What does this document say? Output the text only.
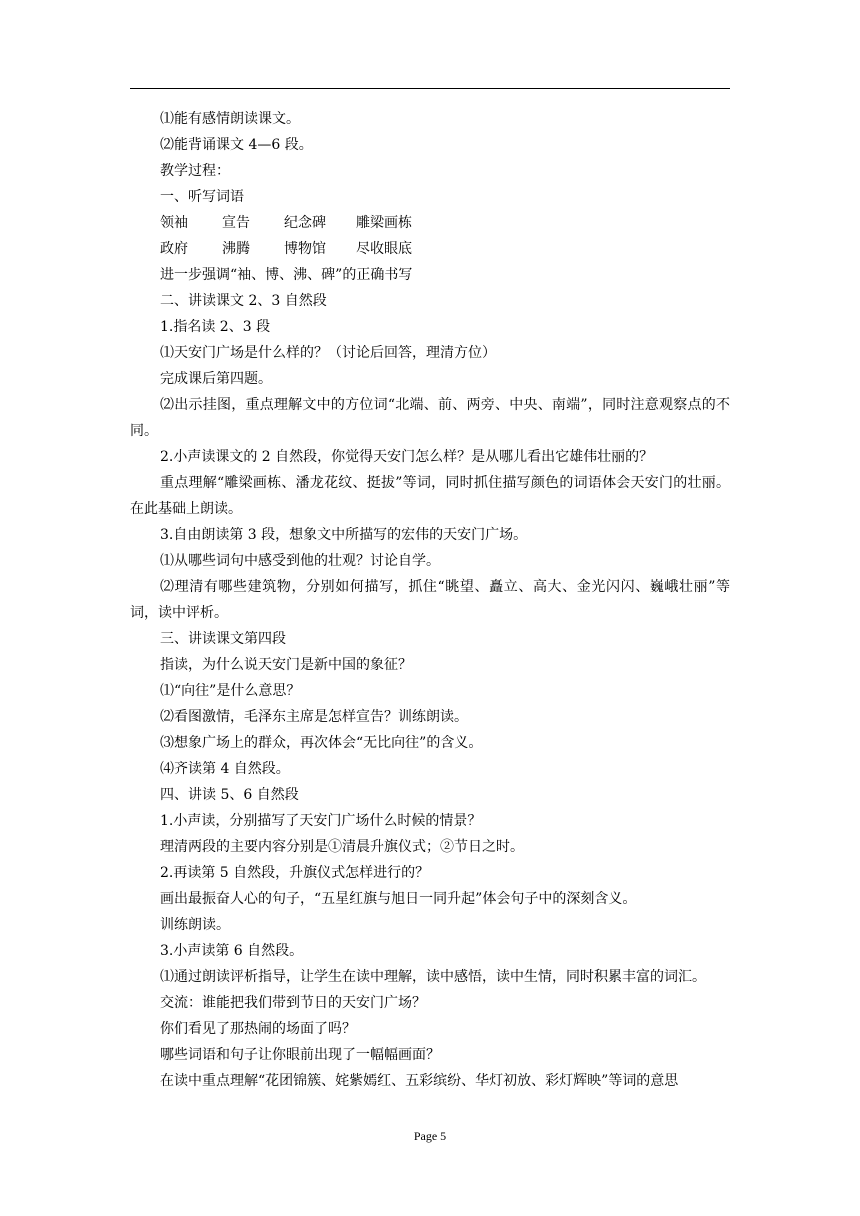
⑴能有感情朗读课文。
⑵能背诵课文 4—6 段。
教学过程：
一、听写词语
领袖	宣告	纪念碑	雕梁画栋
政府	沸腾	博物馆	尽收眼底
进一步强调“袖、博、沸、碑”的正确书写
二、讲读课文 2、3 自然段
1.指名读 2、3 段
⑴天安门广场是什么样的？（讨论后回答，理清方位）
完成课后第四题。
⑵出示挂图，重点理解文中的方位词“北端、前、两旁、中央、南端”，同时注意观察点的不同。
2.小声读课文的 2 自然段，你觉得天安门怎么样？是从哪儿看出它雄伟壮丽的？
重点理解“雕梁画栋、潘龙花纹、挺拔”等词，同时抓住描写颜色的词语体会天安门的壮丽。在此基础上朗读。
3.自由朗读第 3 段，想象文中所描写的宏伟的天安门广场。
⑴从哪些词句中感受到他的壮观？讨论自学。
⑵理清有哪些建筑物，分别如何描写，抓住“眺望、矗立、高大、金光闪闪、巍峨壮丽”等词，读中评析。
三、讲读课文第四段
指读，为什么说天安门是新中国的象征？
⑴“向往”是什么意思？
⑵看图激情，毛泽东主席是怎样宣告？训练朗读。
⑶想象广场上的群众，再次体会“无比向往”的含义。
⑷齐读第 4 自然段。
四、讲读 5、6 自然段
1.小声读，分别描写了天安门广场什么时候的情景？
理清两段的主要内容分别是①清晨升旗仪式；②节日之时。
2.再读第 5 自然段，升旗仪式怎样进行的？
画出最振奋人心的句子，“五星红旗与旭日一同升起”体会句子中的深刻含义。
训练朗读。
3.小声读第 6 自然段。
⑴通过朗读评析指导，让学生在读中理解，读中感悟，读中生情，同时积累丰富的词汇。
交流：谁能把我们带到节日的天安门广场？
你们看见了那热闹的场面了吗？
哪些词语和句子让你眼前出现了一幅幅画面？
在读中重点理解“花团锦簇、姹紫嫣红、五彩缤纷、华灯初放、彩灯辉映”等词的意思
Page 5
